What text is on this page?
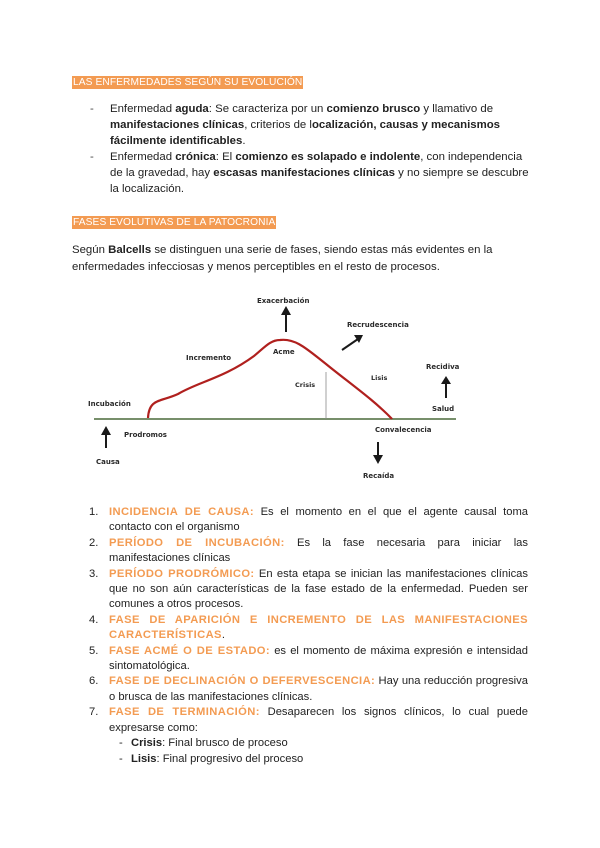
LAS ENFERMEDADES SEGÚN SU EVOLUCIÓN
- Enfermedad aguda: Se caracteriza por un comienzo brusco y llamativo de manifestaciones clínicas, criterios de localización, causas y mecanismos fácilmente identificables.
- Enfermedad crónica: El comienzo es solapado e indolente, con independencia de la gravedad, hay escasas manifestaciones clínicas y no siempre se descubre la localización.
FASES EVOLUTIVAS DE LA PATOCRONIA
Según Balcells se distinguen una serie de fases, siendo estas más evidentes en la enfermedades infecciosas y menos perceptibles en el resto de procesos.
Exacerbación
Recrudescencia
Incremento
Acme
Crisis
Lisis
Recidiva
Incubación
Salud
Prodromos
Convalecencia
Causa
Recaída
1. INCIDENCIA DE CAUSA: Es el momento en el que el agente causal toma contacto con el organismo
2. PERÍODO DE INCUBACIÓN: Es la fase necesaria para iniciar las manifestaciones clínicas
3. PERÍODO PRODRÓMICO: En esta etapa se inician las manifestaciones clínicas que no son aún características de la fase estado de la enfermedad. Pueden ser comunes a otros procesos.
4. FASE DE APARICIÓN E INCREMENTO DE LAS MANIFESTACIONES CARACTERÍSTICAS.
5. FASE ACMÉ O DE ESTADO: es el momento de máxima expresión e intensidad sintomatológica.
6. FASE DE DECLINACIÓN O DEFERVESCENCIA: Hay una reducción progresiva o brusca de las manifestaciones clínicas.
7. FASE DE TERMINACIÓN: Desaparecen los signos clínicos, lo cual puede expresarse como:
- Crisis: Final brusco de proceso
- Lisis: Final progresivo del proceso
